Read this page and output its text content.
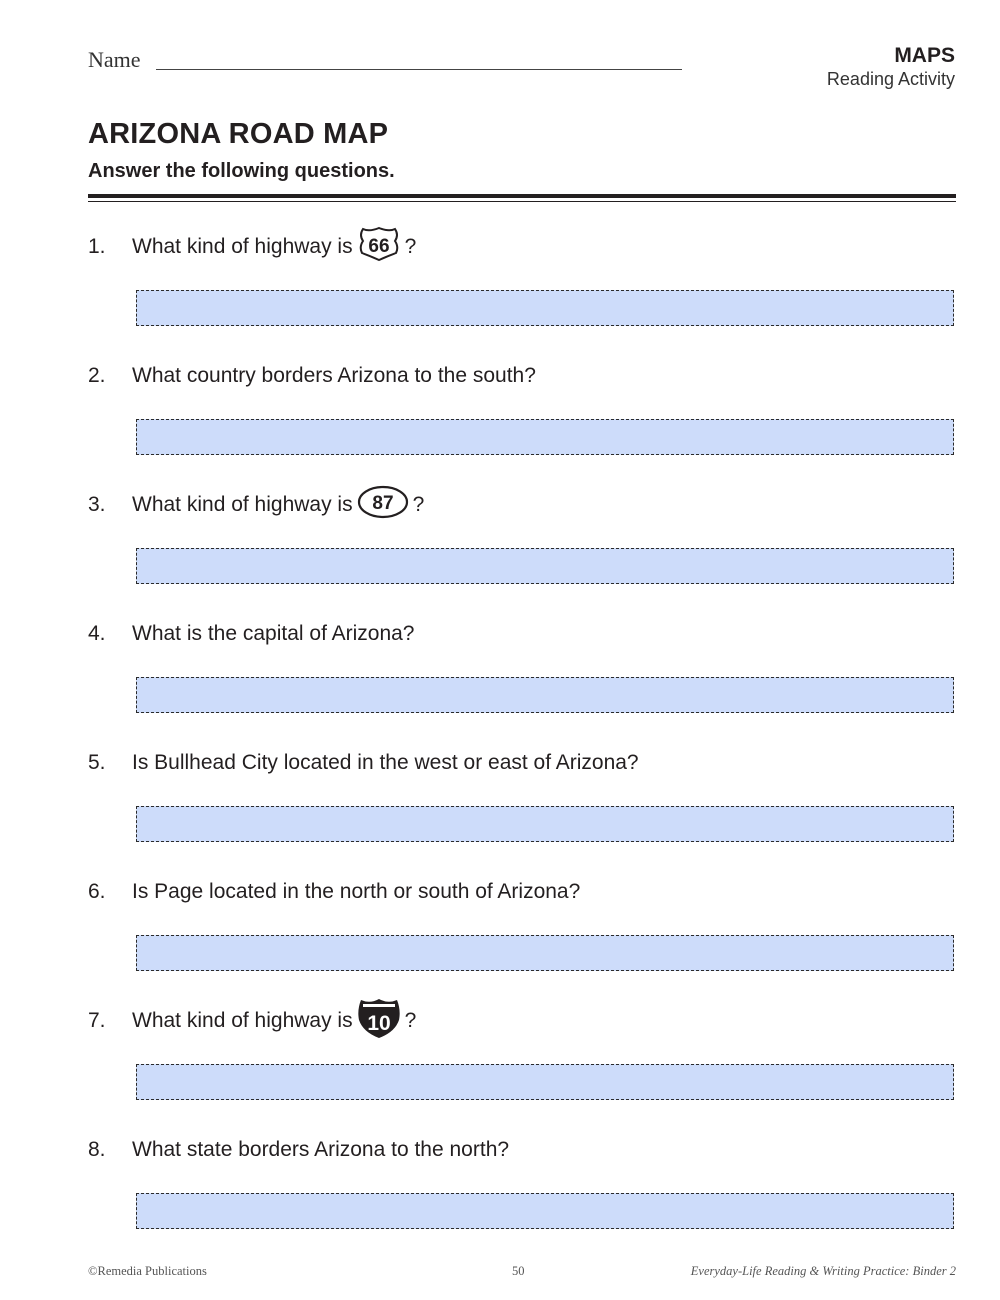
Name	MAPS
Reading Activity
ARIZONA ROAD MAP
Answer the following questions.
1.	What kind of highway is 66 ?
2.	What country borders Arizona to the south?
3.	What kind of highway is 87 ?
4.	What is the capital of Arizona?
5.	Is Bullhead City located in the west or east of Arizona?
6.	Is Page located in the north or south of Arizona?
7.	What kind of highway is 10 ?
8.	What state borders Arizona to the north?
©Remedia Publications	50	Everyday-Life Reading & Writing Practice: Binder 2
